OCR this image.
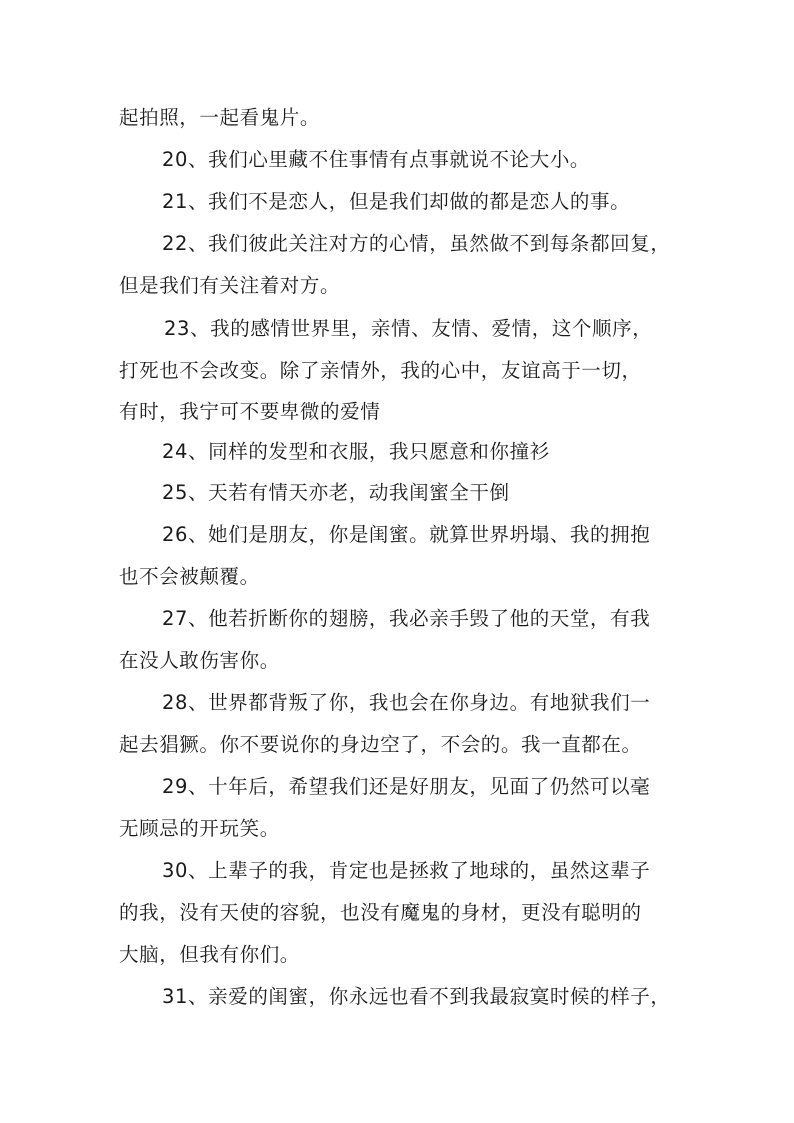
起拍照，一起看鬼片。
20、我们心里藏不住事情有点事就说不论大小。
21、我们不是恋人，但是我们却做的都是恋人的事。
22、我们彼此关注对方的心情，虽然做不到每条都回复，
但是我们有关注着对方。
23、我的感情世界里，亲情、友情、爱情，这个顺序，
打死也不会改变。除了亲情外，我的心中，友谊高于一切，
有时，我宁可不要卑微的爱情
24、同样的发型和衣服，我只愿意和你撞衫
25、天若有情天亦老，动我闺蜜全干倒
26、她们是朋友，你是闺蜜。就算世界坍塌、我的拥抱
也不会被颠覆。
27、他若折断你的翅膀，我必亲手毁了他的天堂，有我
在没人敢伤害你。
28、世界都背叛了你，我也会在你身边。有地狱我们一
起去猖獗。你不要说你的身边空了，不会的。我一直都在。
29、十年后，希望我们还是好朋友，见面了仍然可以毫
无顾忌的开玩笑。
30、上辈子的我，肯定也是拯救了地球的，虽然这辈子
的我，没有天使的容貌，也没有魔鬼的身材，更没有聪明的
大脑，但我有你们。
31、亲爱的闺蜜，你永远也看不到我最寂寞时候的样子，
